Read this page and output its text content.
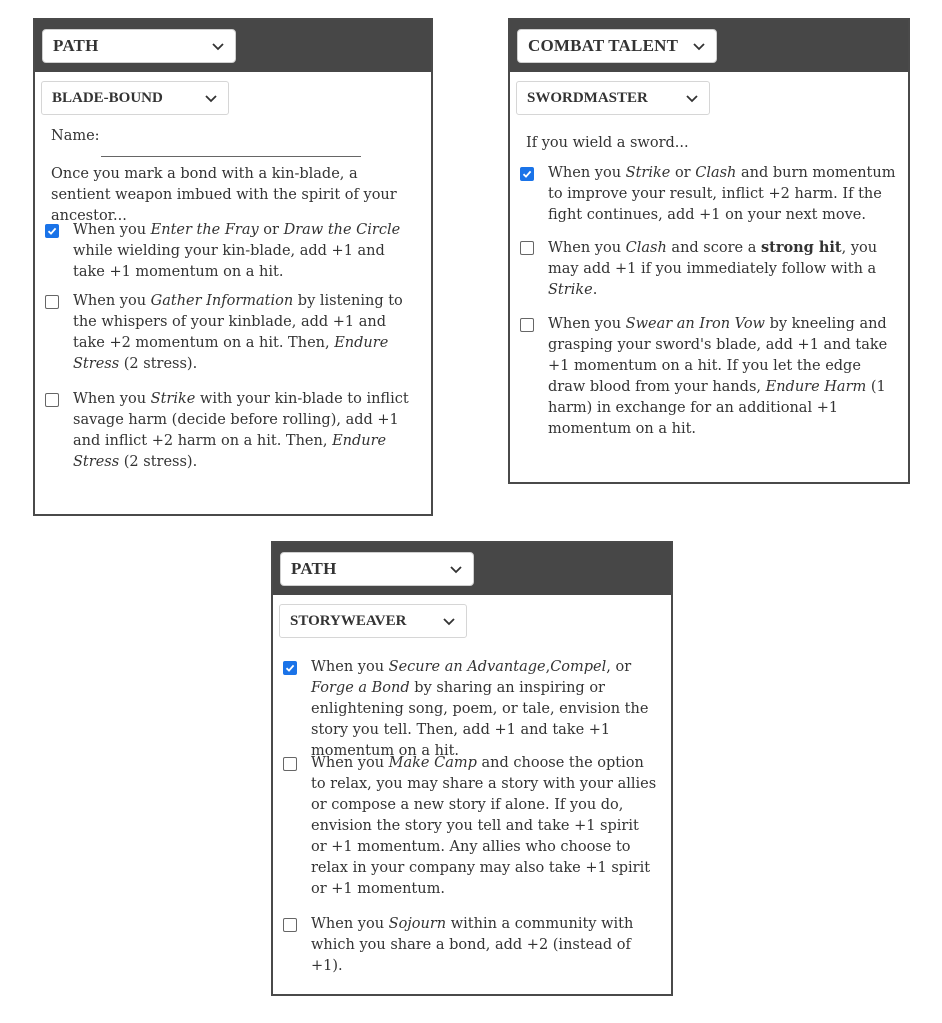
PATH
BLADE-BOUND
Name:
Once you mark a bond with a kin-blade, a sentient weapon imbued with the spirit of your ancestor...
When you Enter the Fray or Draw the Circle while wielding your kin-blade, add +1 and take +1 momentum on a hit.
When you Gather Information by listening to the whispers of your kinblade, add +1 and take +2 momentum on a hit. Then, Endure Stress (2 stress).
When you Strike with your kin-blade to inflict savage harm (decide before rolling), add +1 and inflict +2 harm on a hit. Then, Endure Stress (2 stress).
COMBAT TALENT
SWORDMASTER
If you wield a sword...
When you Strike or Clash and burn momentum to improve your result, inflict +2 harm. If the fight continues, add +1 on your next move.
When you Clash and score a strong hit, you may add +1 if you immediately follow with a Strike.
When you Swear an Iron Vow by kneeling and grasping your sword's blade, add +1 and take +1 momentum on a hit. If you let the edge draw blood from your hands, Endure Harm (1 harm) in exchange for an additional +1 momentum on a hit.
PATH
STORYWEAVER
When you Secure an Advantage,Compel, or Forge a Bond by sharing an inspiring or enlightening song, poem, or tale, envision the story you tell. Then, add +1 and take +1 momentum on a hit.
When you Make Camp and choose the option to relax, you may share a story with your allies or compose a new story if alone. If you do, envision the story you tell and take +1 spirit or +1 momentum. Any allies who choose to relax in your company may also take +1 spirit or +1 momentum.
When you Sojourn within a community with which you share a bond, add +2 (instead of +1).
